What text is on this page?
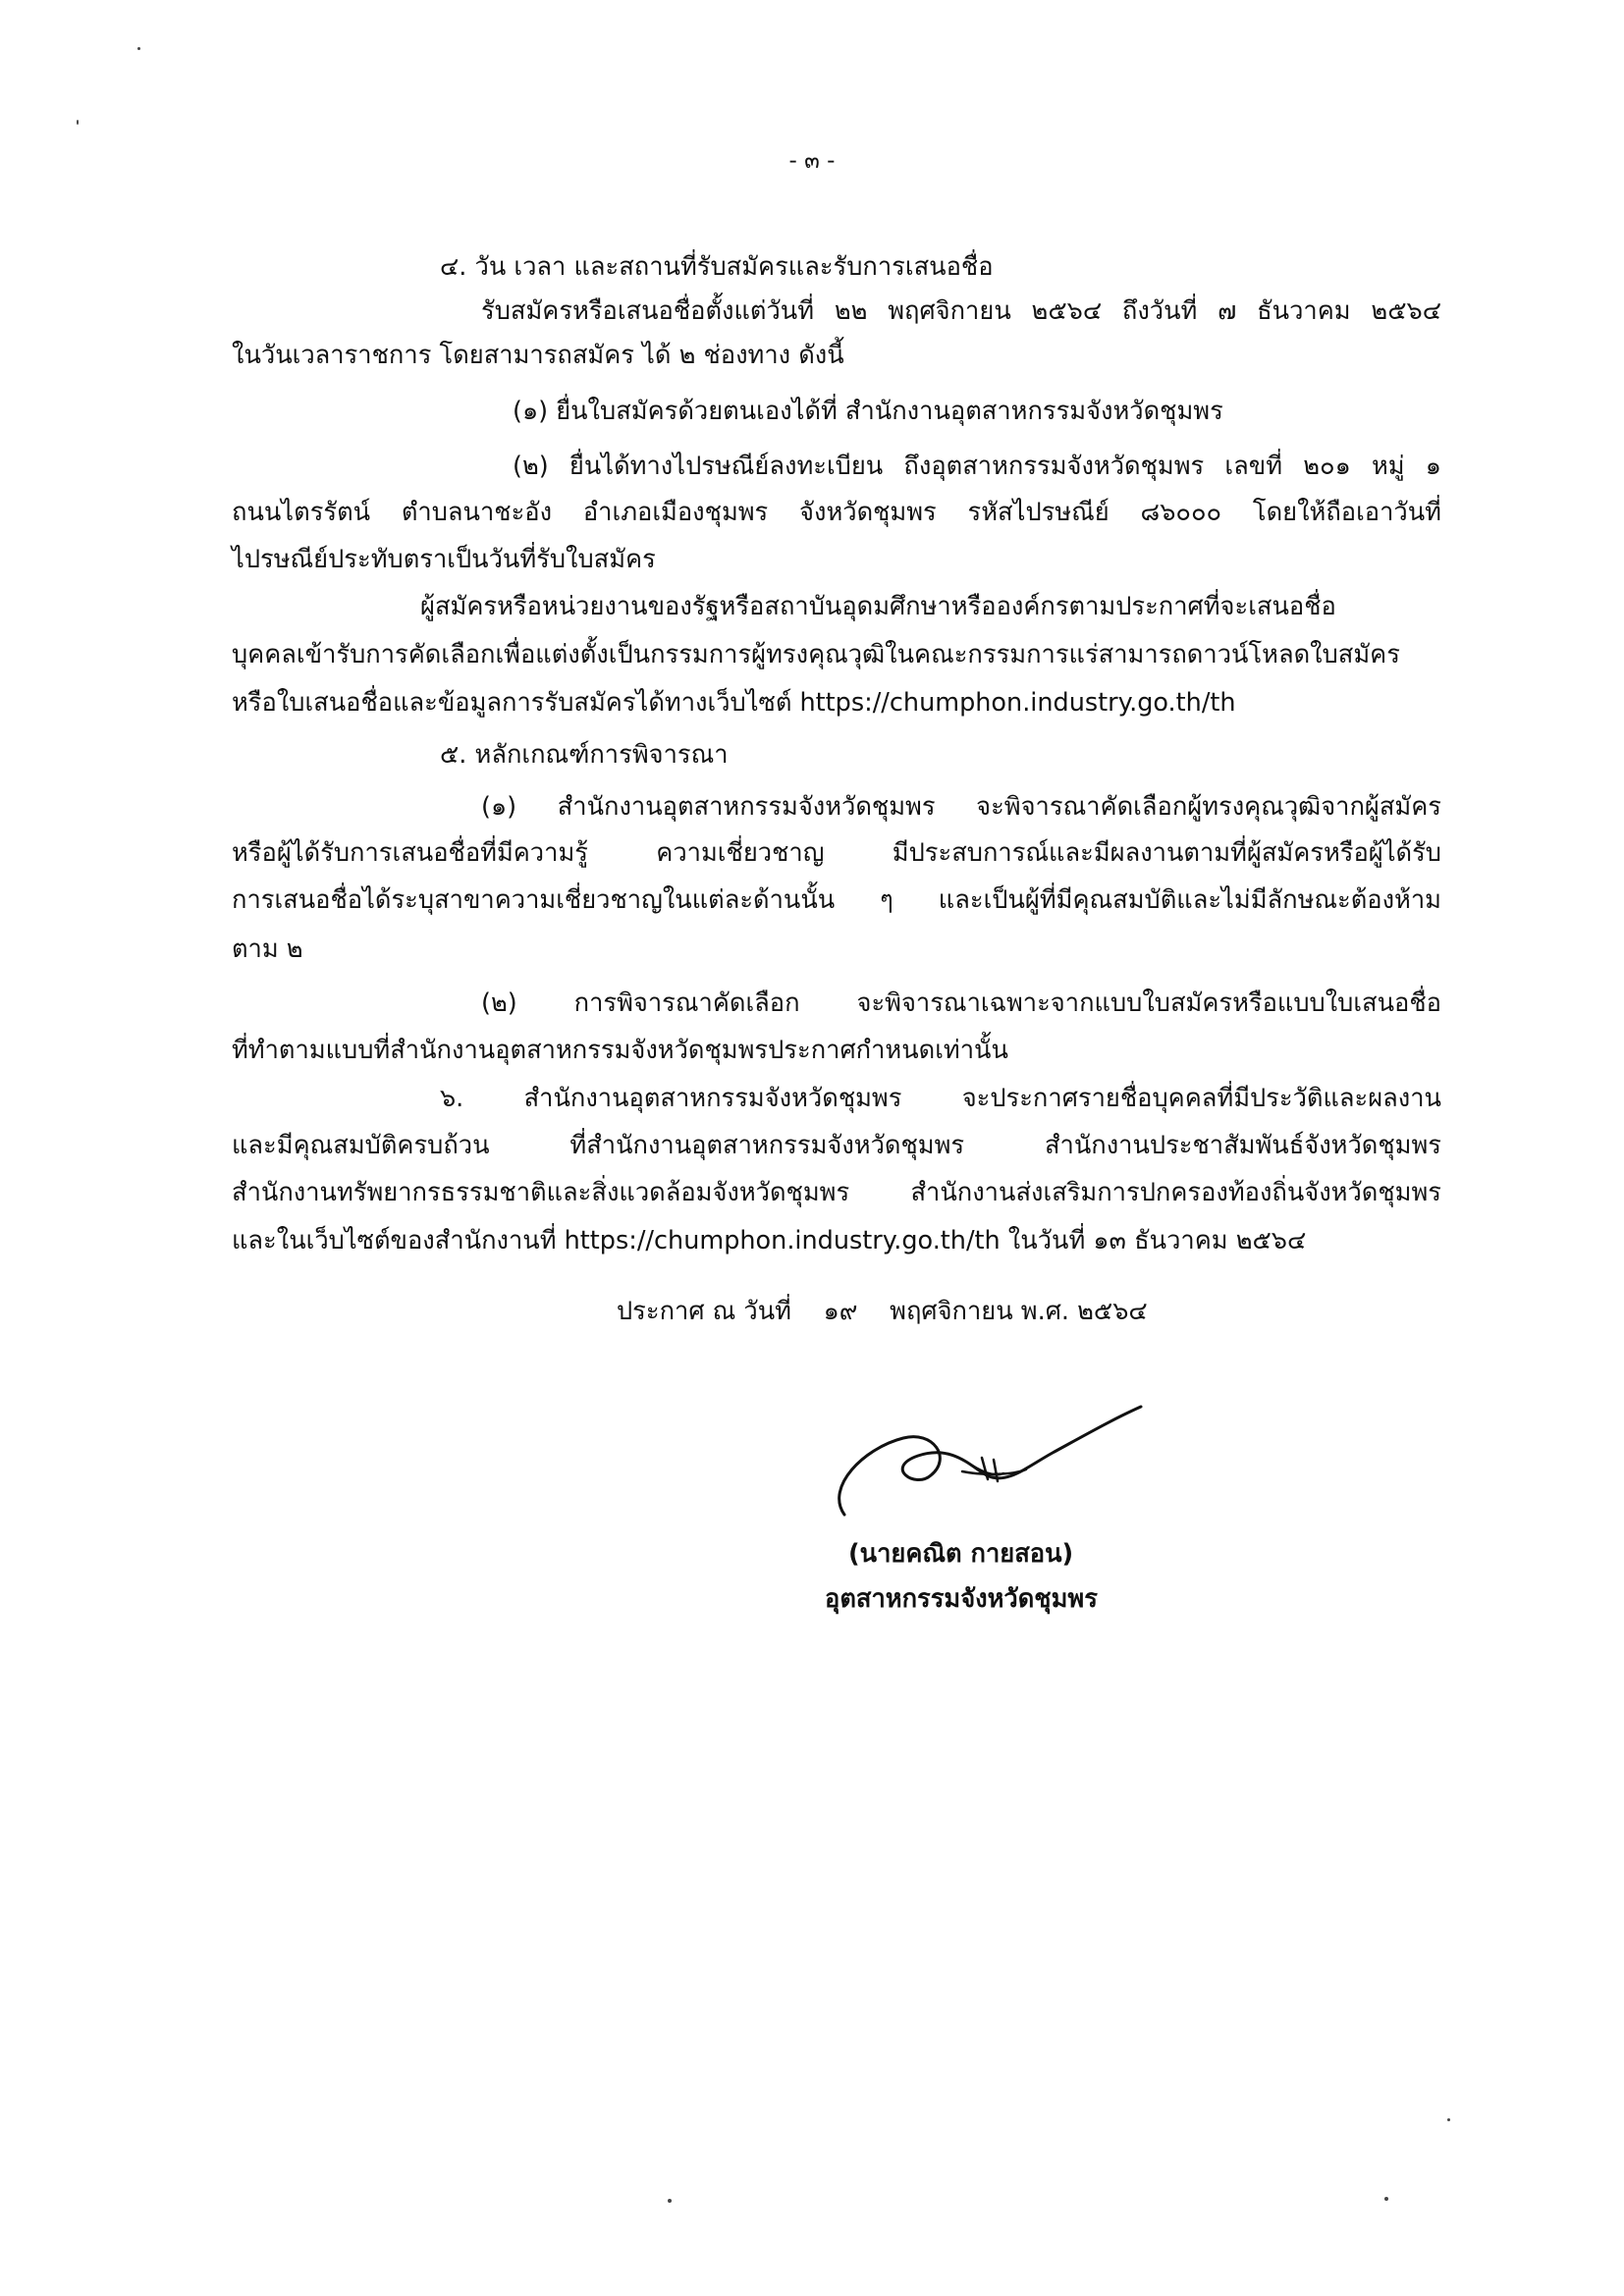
- ๓ -
๔. วัน เวลา และสถานที่รับสมัครและรับการเสนอชื่อ
รับสมัครหรือเสนอชื่อตั้งแต่วันที่ ๒๒ พฤศจิกายน ๒๕๖๔ ถึงวันที่ ๗ ธันวาคม ๒๕๖๔
ในวันเวลาราชการ โดยสามารถสมัคร ได้ ๒ ช่องทาง ดังนี้
(๑) ยื่นใบสมัครด้วยตนเองได้ที่ สำนักงานอุตสาหกรรมจังหวัดชุมพร
(๒) ยื่นได้ทางไปรษณีย์ลงทะเบียน ถึงอุตสาหกรรมจังหวัดชุมพร เลขที่ ๒๐๑ หมู่ ๑
ถนนไตรรัตน์ ตำบลนาชะอัง อำเภอเมืองชุมพร จังหวัดชุมพร รหัสไปรษณีย์ ๘๖๐๐๐ โดยให้ถือเอาวันที่
ไปรษณีย์ประทับตราเป็นวันที่รับใบสมัคร
ผู้สมัครหรือหน่วยงานของรัฐหรือสถาบันอุดมศึกษาหรือองค์กรตามประกาศที่จะเสนอชื่อ
บุคคลเข้ารับการคัดเลือกเพื่อแต่งตั้งเป็นกรรมการผู้ทรงคุณวุฒิในคณะกรรมการแร่สามารถดาวน์โหลดใบสมัคร
หรือใบเสนอชื่อและข้อมูลการรับสมัครได้ทางเว็บไซต์ https://chumphon.industry.go.th/th
๕. หลักเกณฑ์การพิจารณา
(๑) สำนักงานอุตสาหกรรมจังหวัดชุมพร จะพิจารณาคัดเลือกผู้ทรงคุณวุฒิจากผู้สมัคร
หรือผู้ได้รับการเสนอชื่อที่มีความรู้ ความเชี่ยวชาญ มีประสบการณ์และมีผลงานตามที่ผู้สมัครหรือผู้ได้รับ
การเสนอชื่อได้ระบุสาขาความเชี่ยวชาญในแต่ละด้านนั้น ๆ และเป็นผู้ที่มีคุณสมบัติและไม่มีลักษณะต้องห้าม
ตาม ๒
(๒) การพิจารณาคัดเลือก จะพิจารณาเฉพาะจากแบบใบสมัครหรือแบบใบเสนอชื่อ
ที่ทำตามแบบที่สำนักงานอุตสาหกรรมจังหวัดชุมพรประกาศกำหนดเท่านั้น
๖. สำนักงานอุตสาหกรรมจังหวัดชุมพร จะประกาศรายชื่อบุคคลที่มีประวัติและผลงาน
และมีคุณสมบัติครบถ้วน ที่สำนักงานอุตสาหกรรมจังหวัดชุมพร สำนักงานประชาสัมพันธ์จังหวัดชุมพร
สำนักงานทรัพยากรธรรมชาติและสิ่งแวดล้อมจังหวัดชุมพร สำนักงานส่งเสริมการปกครองท้องถิ่นจังหวัดชุมพร
และในเว็บไซต์ของสำนักงานที่ https://chumphon.industry.go.th/th ในวันที่ ๑๓ ธันวาคม ๒๕๖๔
ประกาศ ณ วันที่ ๑๙ พฤศจิกายน พ.ศ. ๒๕๖๔
(นายคณิต กายสอน)
อุตสาหกรรมจังหวัดชุมพร
